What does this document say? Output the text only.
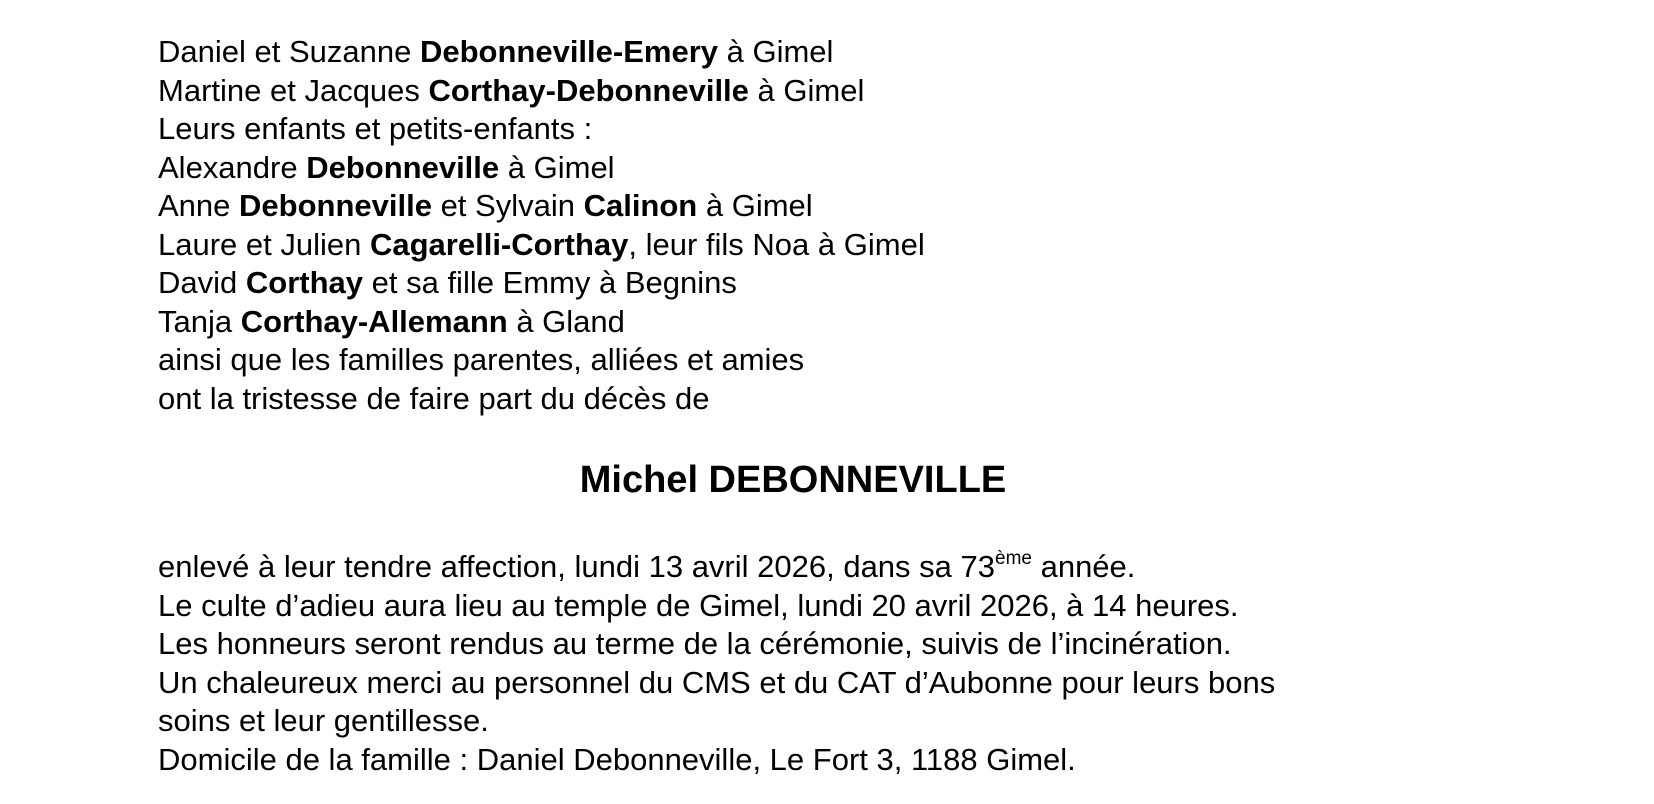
Daniel et Suzanne Debonneville-Emery à Gimel
Martine et Jacques Corthay-Debonneville à Gimel
Leurs enfants et petits-enfants :
Alexandre Debonneville à Gimel
Anne Debonneville et Sylvain Calinon à Gimel
Laure et Julien Cagarelli-Corthay, leur fils Noa à Gimel
David Corthay et sa fille Emmy à Begnins
Tanja Corthay-Allemann à Gland
ainsi que les familles parentes, alliées et amies
ont la tristesse de faire part du décès de
Michel DEBONNEVILLE
enlevé à leur tendre affection, lundi 13 avril 2026, dans sa 73ème année.
Le culte d’adieu aura lieu au temple de Gimel, lundi 20 avril 2026, à 14 heures.
Les honneurs seront rendus au terme de la cérémonie, suivis de l’incinération.
Un chaleureux merci au personnel du CMS et du CAT d’Aubonne pour leurs bons
soins et leur gentillesse.
Domicile de la famille : Daniel Debonneville, Le Fort 3, 1188 Gimel.
